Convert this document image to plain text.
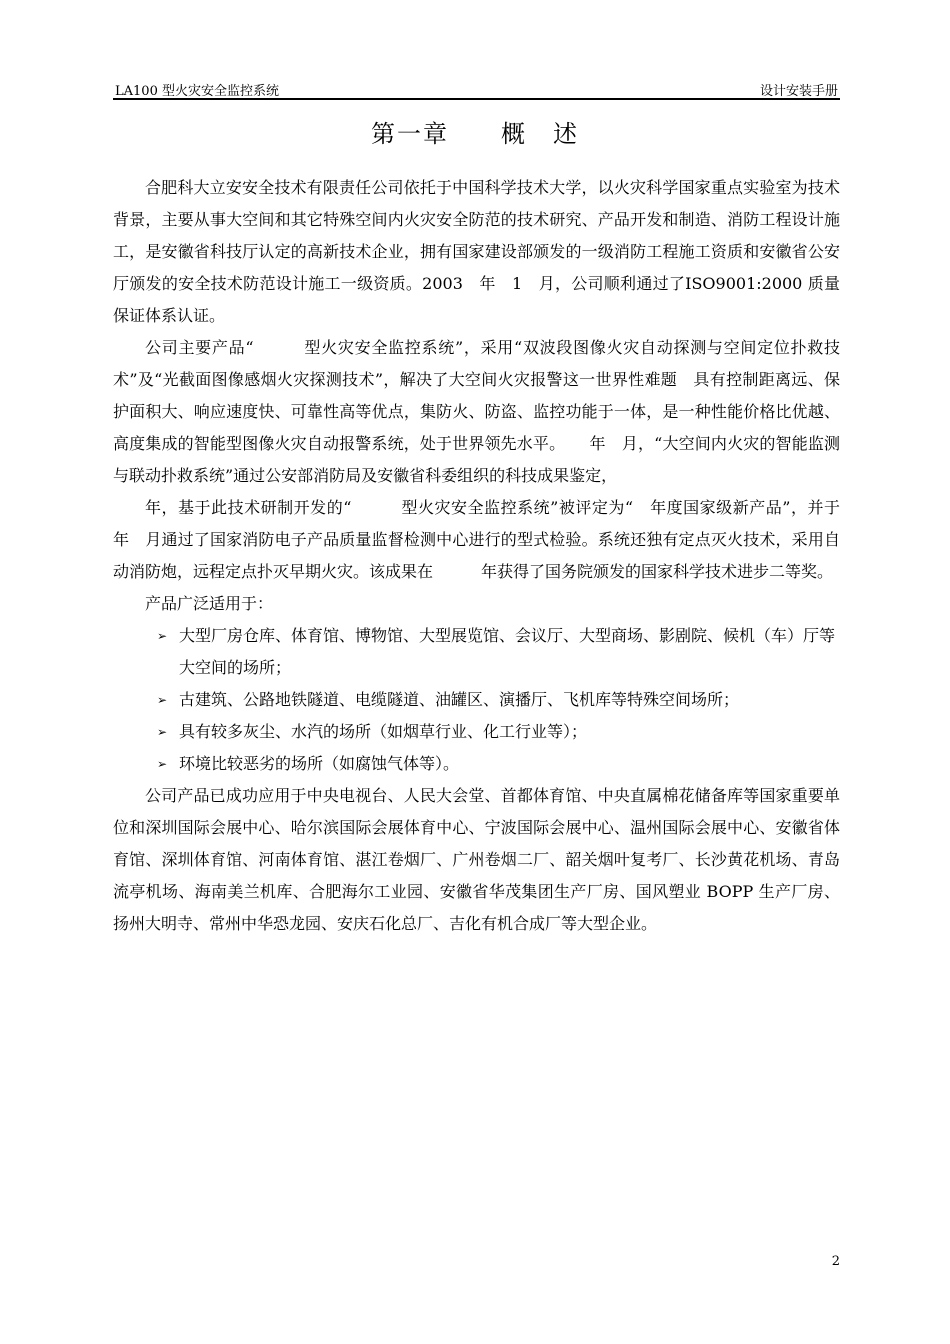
LA100 型火灾安全监控系统	设计安装手册
第一章　　概　述

合肥科大立安安全技术有限责任公司依托于中国科学技术大学，以火灾科学国家重点实验室为技术背景，主要从事大空间和其它特殊空间内火灾安全防范的技术研究、产品开发和制造、消防工程设计施工，是安徽省科技厅认定的高新技术企业，拥有国家建设部颁发的一级消防工程施工资质和安徽省公安厅颁发的安全技术防范设计施工一级资质。2003　年　1　月，公司顺利通过了ISO9001:2000 质量保证体系认证。

公司主要产品“　　　型火灾安全监控系统”，采用“双波段图像火灾自动探测与空间定位扑救技术”及“光截面图像感烟火灾探测技术”，解决了大空间火灾报警这一世界性难题　具有控制距离远、保护面积大、响应速度快、可靠性高等优点，集防火、防盗、监控功能于一体，是一种性能价格比优越、高度集成的智能型图像火灾自动报警系统，处于世界领先水平。　　年　月，“大空间内火灾的智能监测与联动扑救系统”通过公安部消防局及安徽省科委组织的科技成果鉴定，

年，基于此技术研制开发的“　　　型火灾安全监控系统”被评定为“　年度国家级新产品”，并于　　　年　月通过了国家消防电子产品质量监督检测中心进行的型式检验。系统还独有定点灭火技术，采用自动消防炮，远程定点扑灭早期火灾。该成果在　　　年获得了国务院颁发的国家科学技术进步二等奖。

产品广泛适用于：

➢ 大型厂房仓库、体育馆、博物馆、大型展览馆、会议厅、大型商场、影剧院、候机（车）厅等大空间的场所；
➢ 古建筑、公路地铁隧道、电缆隧道、油罐区、演播厅、飞机库等特殊空间场所；
➢ 具有较多灰尘、水汽的场所（如烟草行业、化工行业等）；
➢ 环境比较恶劣的场所（如腐蚀气体等）。

公司产品已成功应用于中央电视台、人民大会堂、首都体育馆、中央直属棉花储备库等国家重要单位和深圳国际会展中心、哈尔滨国际会展体育中心、宁波国际会展中心、温州国际会展中心、安徽省体育馆、深圳体育馆、河南体育馆、湛江卷烟厂、广州卷烟二厂、韶关烟叶复考厂、长沙黄花机场、青岛流亭机场、海南美兰机库、合肥海尔工业园、安徽省华茂集团生产厂房、国风塑业 BOPP 生产厂房、扬州大明寺、常州中华恐龙园、安庆石化总厂、吉化有机合成厂等大型企业。

2
